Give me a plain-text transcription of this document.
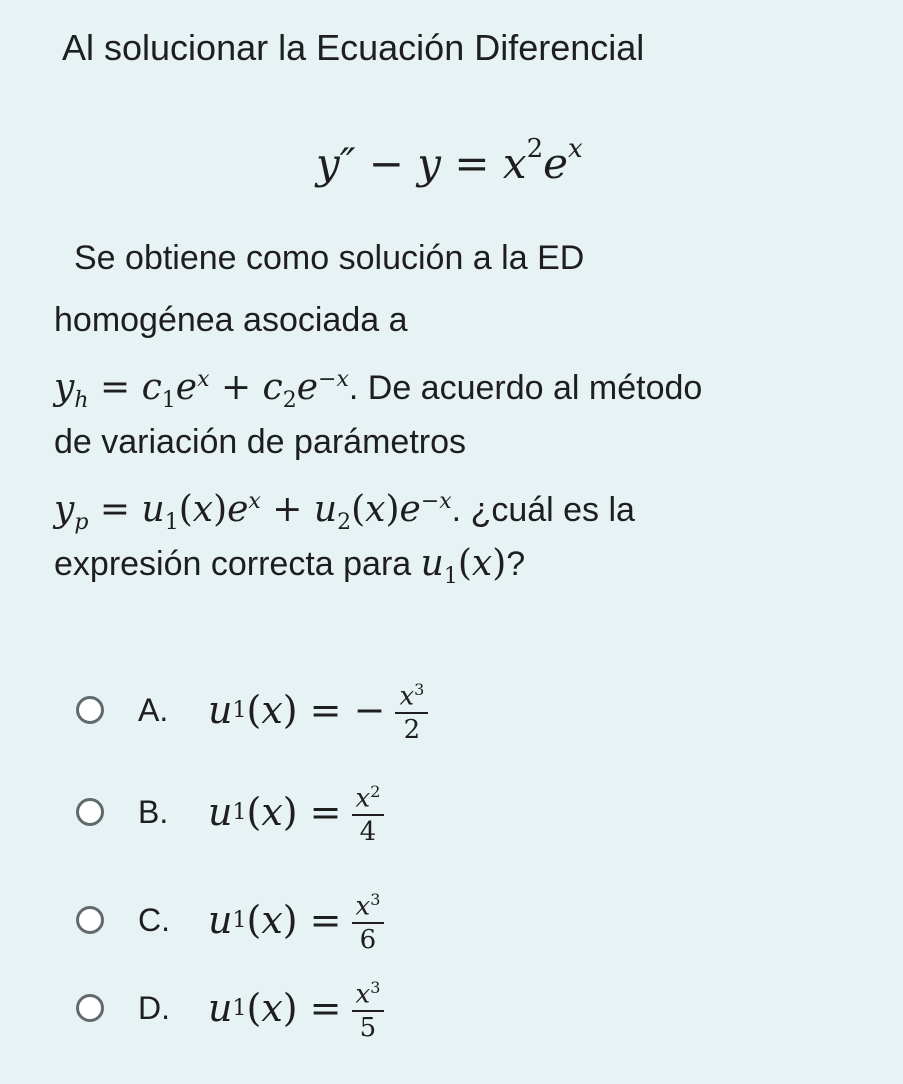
Al solucionar la Ecuación Diferencial
$y'' - y = x^2e^x$
Se obtiene como solución a la ED
homogénea asociada a
$y_h = c_1e^x + c_2e^{-x}$. De acuerdo al método
de variación de parámetros
$y_p = u_1(x)e^x + u_2(x)e^{-x}$. ¿cuál es la
expresión correcta para $u_1(x)$?
A. u 1 ( x )
= − $\frac{x^3}{2}$
B. u 1 ( x )
= $\frac{x^2}{4}$
C. u 1 ( x )
= $\frac{x^3}{6}$
D. u 1 ( x )
= $\frac{x^3}{5}$
